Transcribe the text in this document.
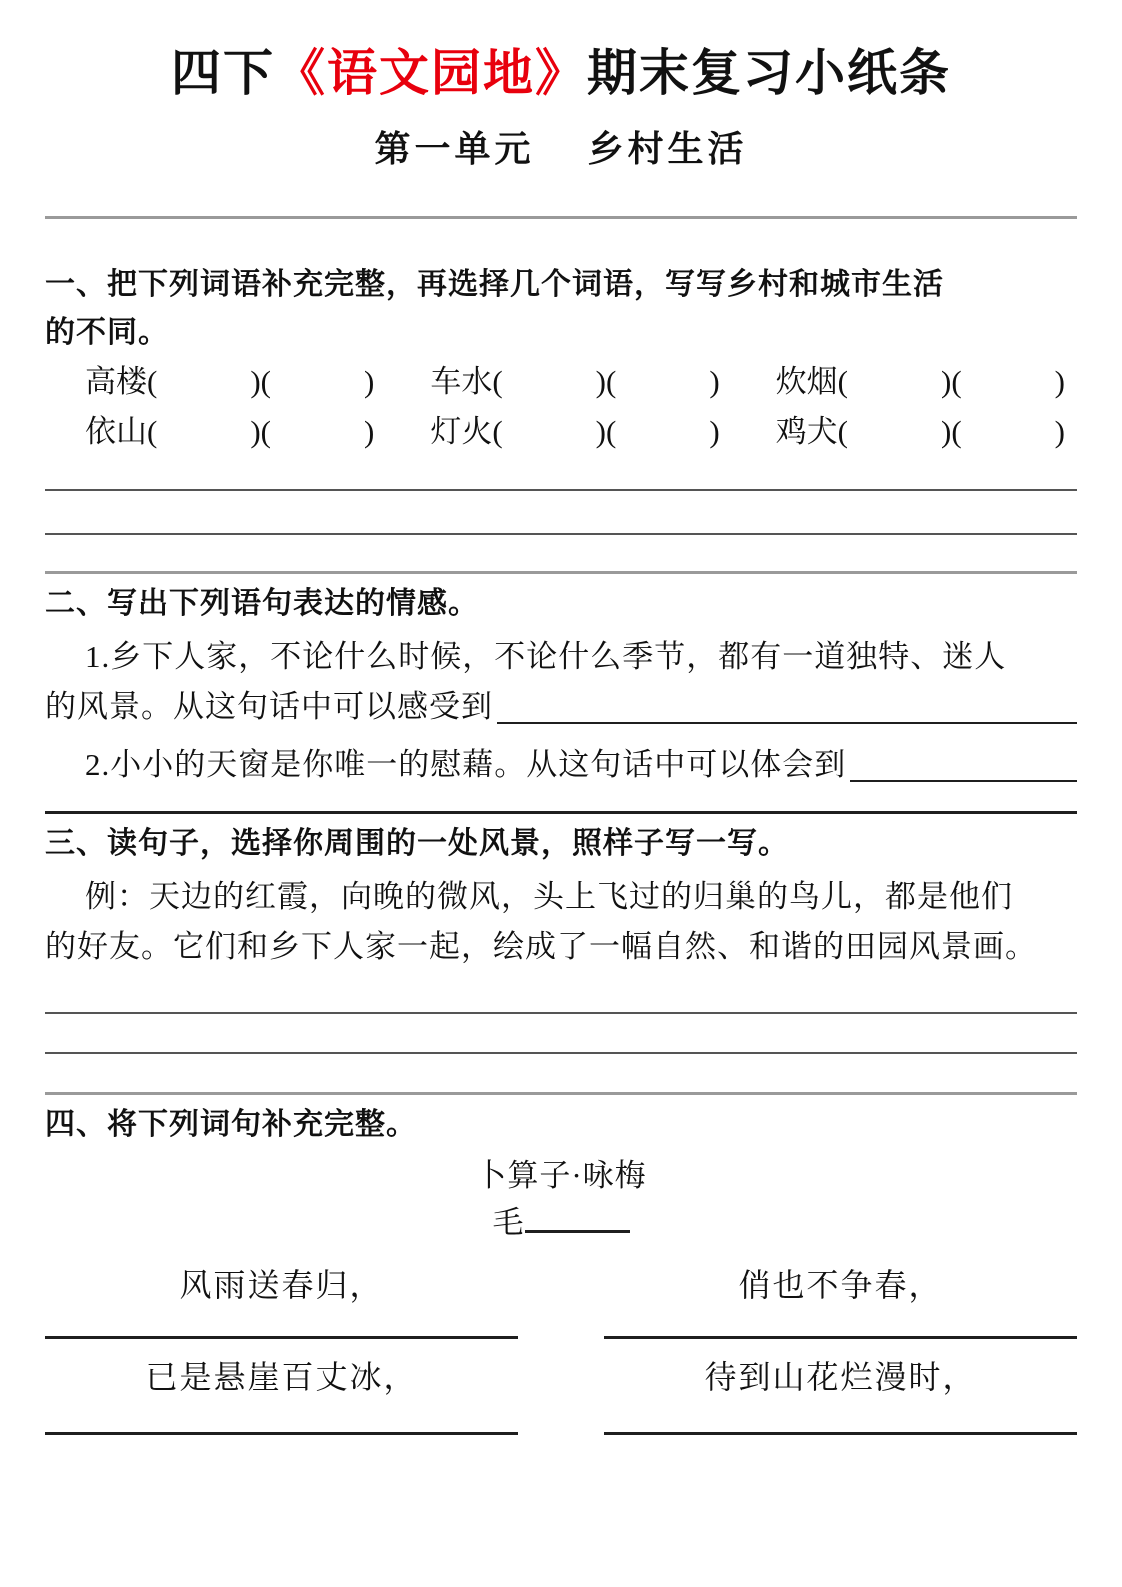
四下《语文园地》期末复习小纸条
第一单元　 乡村生活
一、把下列词语补充完整，再选择几个词语，写写乡村和城市生活
的不同。
高楼(　　　)(　　　) 车水(　　　)(　　　) 炊烟(　　　)(　　　)
依山(　　　)(　　　) 灯火(　　　)(　　　) 鸡犬(　　　)(　　　)
二、写出下列语句表达的情感。
1.乡下人家，不论什么时候，不论什么季节，都有一道独特、迷人
的风景。从这句话中可以感受到
2.小小的天窗是你唯一的慰藉。从这句话中可以体会到
三、读句子，选择你周围的一处风景，照样子写一写。
例：天边的红霞，向晚的微风，头上飞过的归巢的鸟儿，都是他们
的好友。它们和乡下人家一起，绘成了一幅自然、和谐的田园风景画。
四、将下列词句补充完整。
卜算子·咏梅
毛
风雨送春归，	俏也不争春，
已是悬崖百丈冰，	待到山花烂漫时，
